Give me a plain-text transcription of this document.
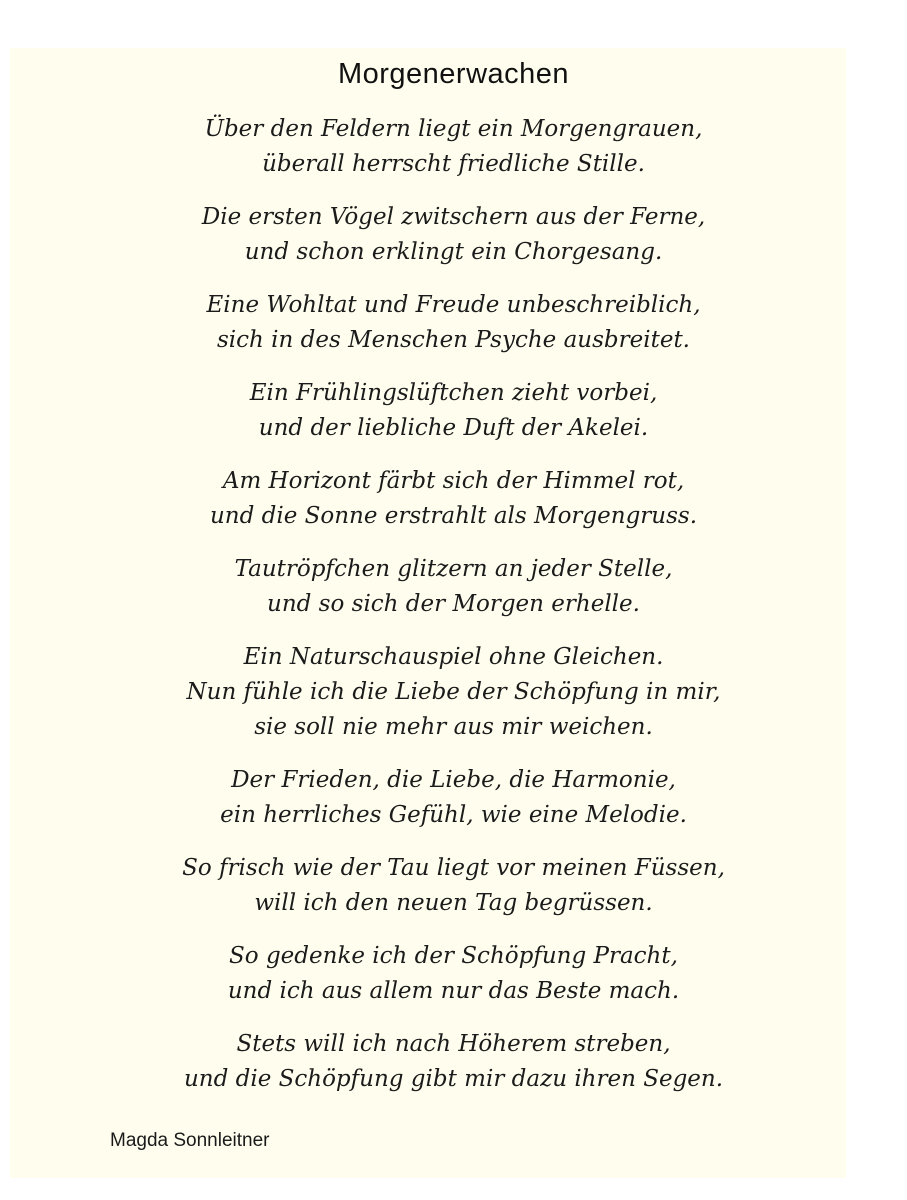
Morgenerwachen
Über den Feldern liegt ein Morgengrauen,
überall herrscht friedliche Stille.
Die ersten Vögel zwitschern aus der Ferne,
und schon erklingt ein Chorgesang.
Eine Wohltat und Freude unbeschreiblich,
sich in des Menschen Psyche ausbreitet.
Ein Frühlingslüftchen zieht vorbei,
und der liebliche Duft der Akelei.
Am Horizont färbt sich der Himmel rot,
und die Sonne erstrahlt als Morgengruss.
Tautröpfchen glitzern an jeder Stelle,
und so sich der Morgen erhelle.
Ein Naturschauspiel ohne Gleichen.
Nun fühle ich die Liebe der Schöpfung in mir,
sie soll nie mehr aus mir weichen.
Der Frieden, die Liebe, die Harmonie,
ein herrliches Gefühl, wie eine Melodie.
So frisch wie der Tau liegt vor meinen Füssen,
will ich den neuen Tag begrüssen.
So gedenke ich der Schöpfung Pracht,
und ich aus allem nur das Beste mach.
Stets will ich nach Höherem streben,
und die Schöpfung gibt mir dazu ihren Segen.
Magda Sonnleitner
